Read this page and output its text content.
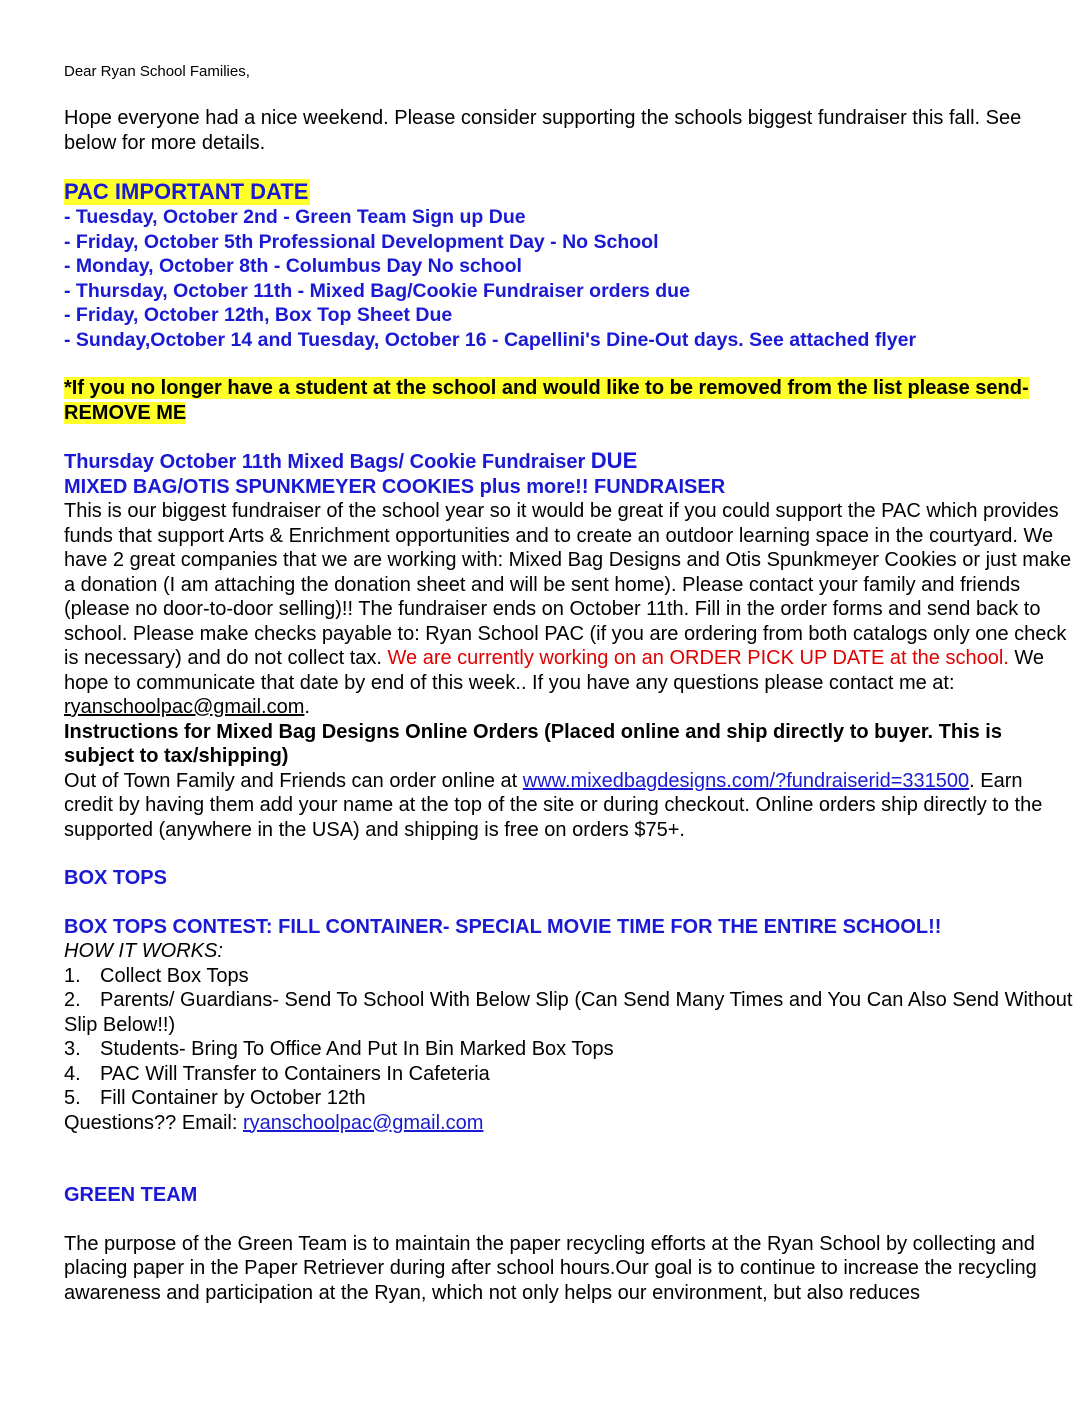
Dear Ryan School Families,

Hope everyone had a nice weekend. Please consider supporting the schools biggest fundraiser this fall. See below for more details.

PAC IMPORTANT DATE

- Tuesday, October 2nd - Green Team Sign up Due

- Friday, October 5th Professional Development Day - No School

- Monday, October 8th - Columbus Day No school

- Thursday, October 11th - Mixed Bag/Cookie Fundraiser orders due

- Friday, October 12th, Box Top Sheet Due

- Sunday,October 14 and Tuesday, October 16 - Capellini's Dine-Out days. See attached flyer

*If you no longer have a student at the school and would like to be removed from the list please send- REMOVE ME

Thursday October 11th Mixed Bags/ Cookie Fundraiser DUE

MIXED BAG/OTIS SPUNKMEYER COOKIES plus more!! FUNDRAISER

This is our biggest fundraiser of the school year so it would be great if you could support the PAC which provides funds that support Arts & Enrichment opportunities and to create an outdoor learning space in the courtyard. We have 2 great companies that we are working with: Mixed Bag Designs and Otis Spunkmeyer Cookies or just make a donation (I am attaching the donation sheet and will be sent home). Please contact your family and friends (please no door-to-door selling)!! The fundraiser ends on October 11th. Fill in the order forms and send back to school. Please make checks payable to: Ryan School PAC (if you are ordering from both catalogs only one check is necessary) and do not collect tax. We are currently working on an ORDER PICK UP DATE at the school. We hope to communicate that date by end of this week.. If you have any questions please contact me at: ryanschoolpac@gmail.com.

Instructions for Mixed Bag Designs Online Orders (Placed online and ship directly to buyer. This is subject to tax/shipping)

Out of Town Family and Friends can order online at www.mixedbagdesigns.com/?fundraiserid=331500. Earn credit by having them add your name at the top of the site or during checkout. Online orders ship directly to the supported (anywhere in the USA) and shipping is free on orders $75+.

BOX TOPS

BOX TOPS CONTEST: FILL CONTAINER- SPECIAL MOVIE TIME FOR THE ENTIRE SCHOOL!!

HOW IT WORKS:

1. Collect Box Tops
2. Parents/ Guardians- Send To School With Below Slip (Can Send Many Times and You Can Also Send Without Slip Below!!)
3. Students- Bring To Office And Put In Bin Marked Box Tops
4. PAC Will Transfer to Containers In Cafeteria
5. Fill Container by October 12th

Questions?? Email: ryanschoolpac@gmail.com

GREEN TEAM

The purpose of the Green Team is to maintain the paper recycling efforts at the Ryan School by collecting and placing paper in the Paper Retriever during after school hours.Our goal is to continue to increase the recycling awareness and participation at the Ryan, which not only helps our environment, but also reduces
